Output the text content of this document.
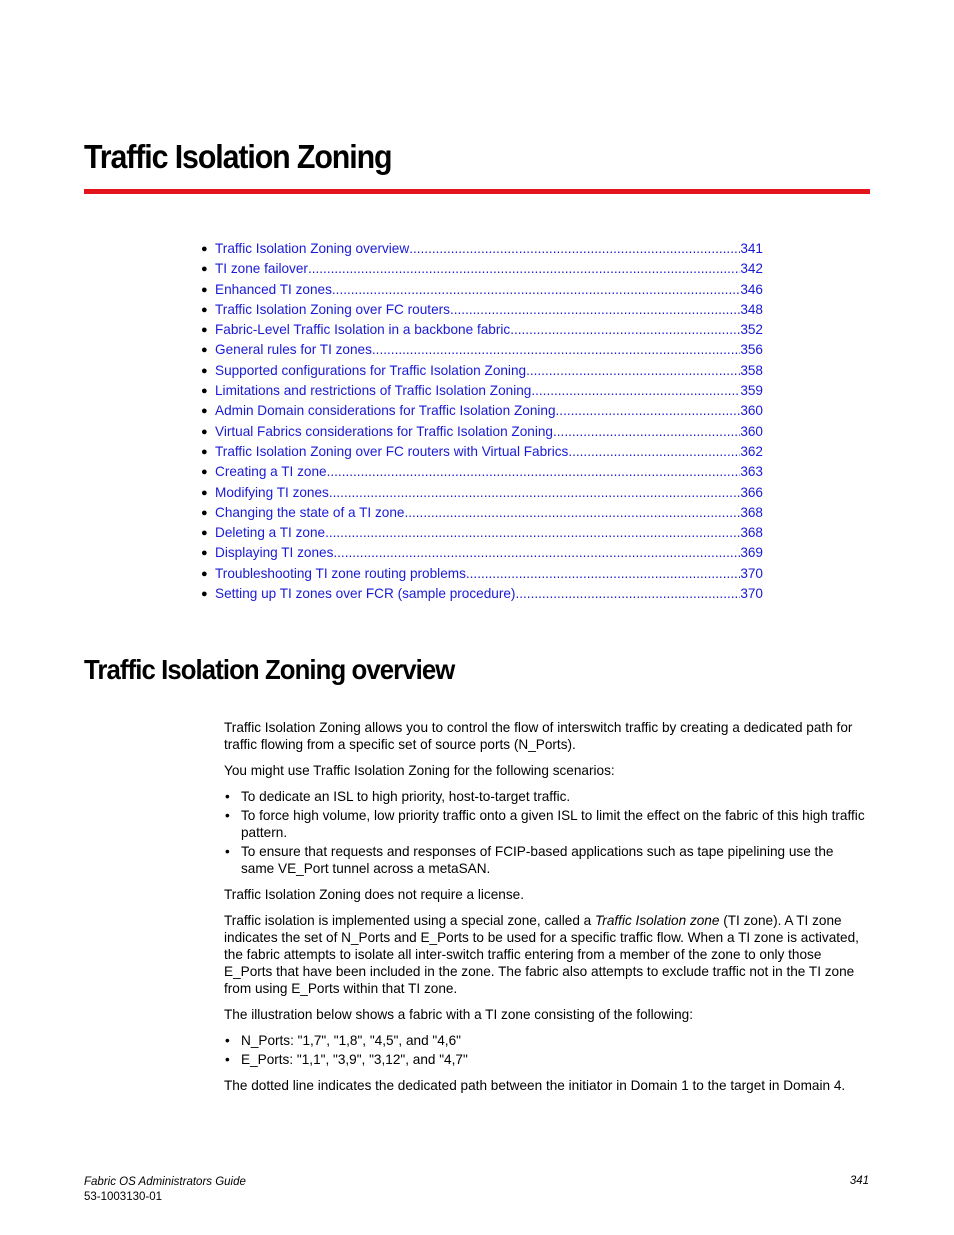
Traffic Isolation Zoning
● Traffic Isolation Zoning overview .....	341
● TI zone failover .....	342
● Enhanced TI zones .....	346
● Traffic Isolation Zoning over FC routers .....	348
● Fabric-Level Traffic Isolation in a backbone fabric .....	352
● General rules for TI zones .....	356
● Supported configurations for Traffic Isolation Zoning .....	358
● Limitations and restrictions of Traffic Isolation Zoning .....	359
● Admin Domain considerations for Traffic Isolation Zoning .....	360
● Virtual Fabrics considerations for Traffic Isolation Zoning .....	360
● Traffic Isolation Zoning over FC routers with Virtual Fabrics .....	362
● Creating a TI zone .....	363
● Modifying TI zones .....	366
● Changing the state of a TI zone .....	368
● Deleting a TI zone .....	368
● Displaying TI zones .....	369
● Troubleshooting TI zone routing problems .....	370
● Setting up TI zones over FCR (sample procedure) .....	370
Traffic Isolation Zoning overview

Traffic Isolation Zoning allows you to control the flow of interswitch traffic by creating a dedicated path for traffic flowing from a specific set of source ports (N_Ports).

You might use Traffic Isolation Zoning for the following scenarios:

• To dedicate an ISL to high priority, host-to-target traffic.
• To force high volume, low priority traffic onto a given ISL to limit the effect on the fabric of this high traffic pattern.
• To ensure that requests and responses of FCIP-based applications such as tape pipelining use the same VE_Port tunnel across a metaSAN.

Traffic Isolation Zoning does not require a license.

Traffic isolation is implemented using a special zone, called a Traffic Isolation zone (TI zone). A TI zone indicates the set of N_Ports and E_Ports to be used for a specific traffic flow. When a TI zone is activated, the fabric attempts to isolate all inter-switch traffic entering from a member of the zone to only those E_Ports that have been included in the zone. The fabric also attempts to exclude traffic not in the TI zone from using E_Ports within that TI zone.

The illustration below shows a fabric with a TI zone consisting of the following:

• N_Ports: "1,7", "1,8", "4,5", and "4,6"
• E_Ports: "1,1", "3,9", "3,12", and "4,7"

The dotted line indicates the dedicated path between the initiator in Domain 1 to the target in Domain 4.

Fabric OS Administrators Guide
53-1003130-01
341
